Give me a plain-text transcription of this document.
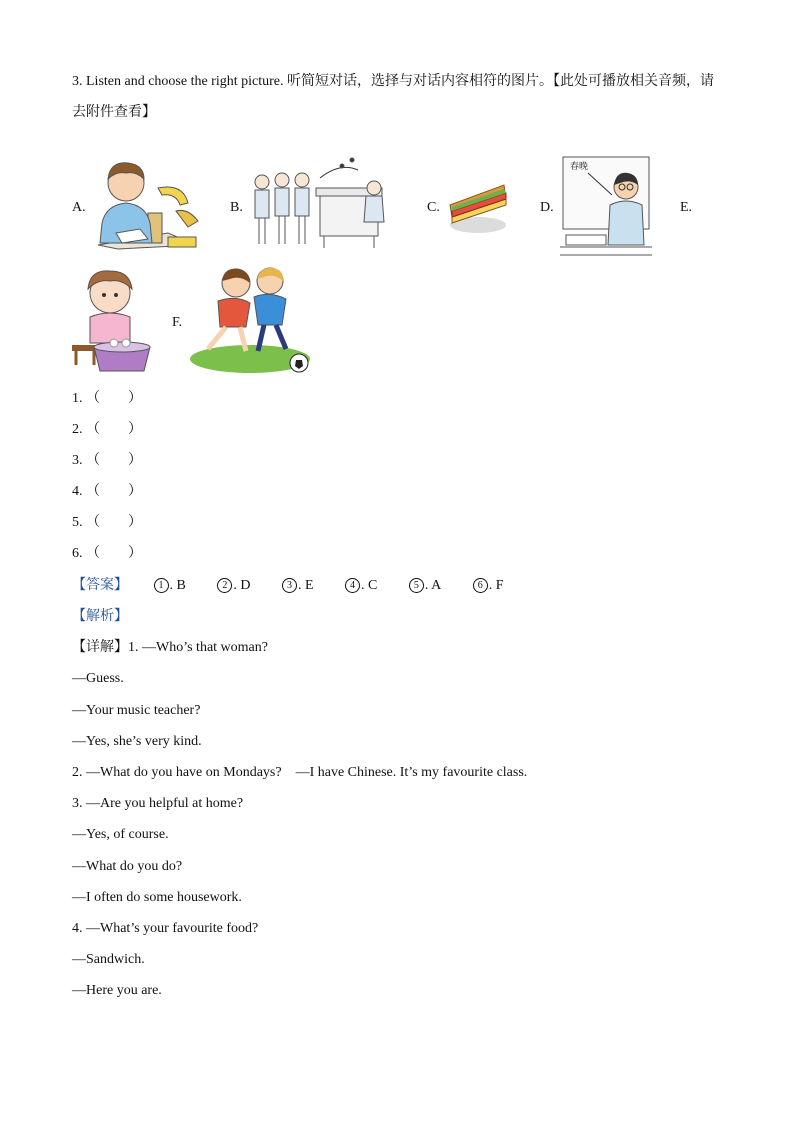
3. Listen and choose the right picture. 听简短对话，选择与对话内容相符的图片。【此处可播放相关音频，请去附件查看】
A.	B.	C.	D.	E.
F.
春晚
1. （　　）
2. （　　）
3. （　　）
4. （　　）
5. （　　）
6. （　　）
【答案】	1 . B	2 . D	3 . E	4 . C	5 . A	6 . F
【解析】
【详解】1. —Who’s that woman?
—Guess.
—Your music teacher?
—Yes, she’s very kind.
2. —What do you have on Mondays?　—I have Chinese. It’s my favourite class.
3. —Are you helpful at home?
—Yes, of course.
—What do you do?
—I often do some housework.
4. —What’s your favourite food?
—Sandwich.
—Here you are.
